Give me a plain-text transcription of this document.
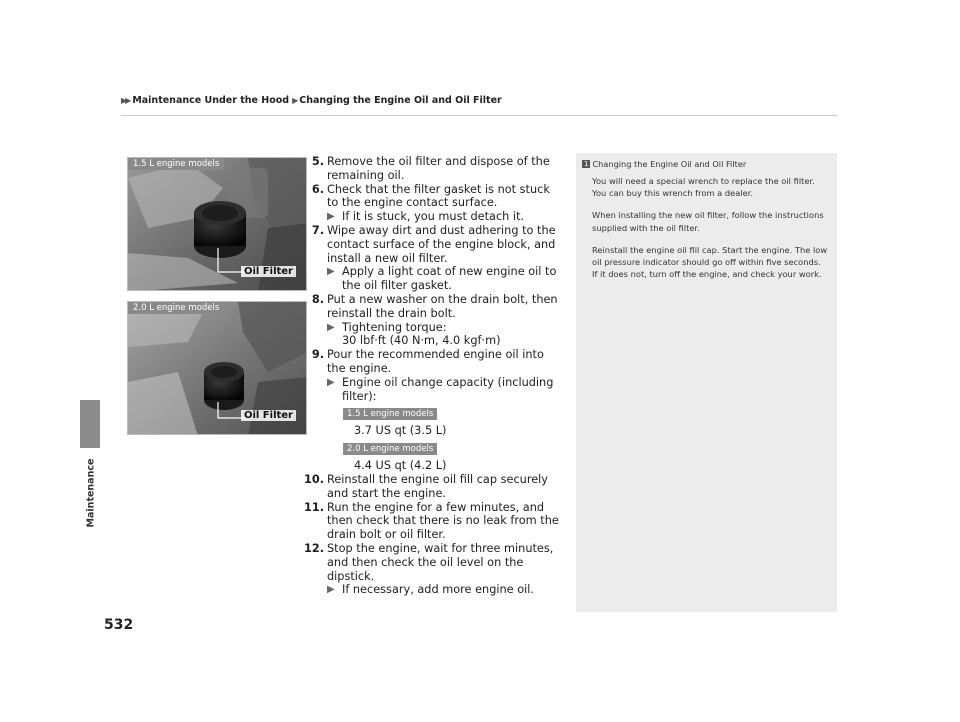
▶▶ Maintenance Under the Hood ▶ Changing the Engine Oil and Oil Filter
Maintenance
532
1.5 L engine models
Oil Filter
2.0 L engine models
Oil Filter
5. Remove the oil filter and dispose of the remaining oil.
6. Check that the filter gasket is not stuck to the engine contact surface.
▶ If it is stuck, you must detach it.
7. Wipe away dirt and dust adhering to the contact surface of the engine block, and install a new oil filter.
▶ Apply a light coat of new engine oil to the oil filter gasket.
8. Put a new washer on the drain bolt, then reinstall the drain bolt.
▶ Tightening torque:
30 lbf·ft (40 N·m, 4.0 kgf·m)
9. Pour the recommended engine oil into the engine.
▶ Engine oil change capacity (including filter):
1.5 L engine models
3.7 US qt (3.5 L)
2.0 L engine models
4.4 US qt (4.2 L)
10. Reinstall the engine oil fill cap securely and start the engine.
11. Run the engine for a few minutes, and then check that there is no leak from the drain bolt or oil filter.
12. Stop the engine, wait for three minutes, and then check the oil level on the dipstick.
▶ If necessary, add more engine oil.
1 Changing the Engine Oil and Oil Filter

You will need a special wrench to replace the oil filter. You can buy this wrench from a dealer.

When installing the new oil filter, follow the instructions supplied with the oil filter.

Reinstall the engine oil fill cap. Start the engine. The low oil pressure indicator should go off within five seconds. If it does not, turn off the engine, and check your work.
